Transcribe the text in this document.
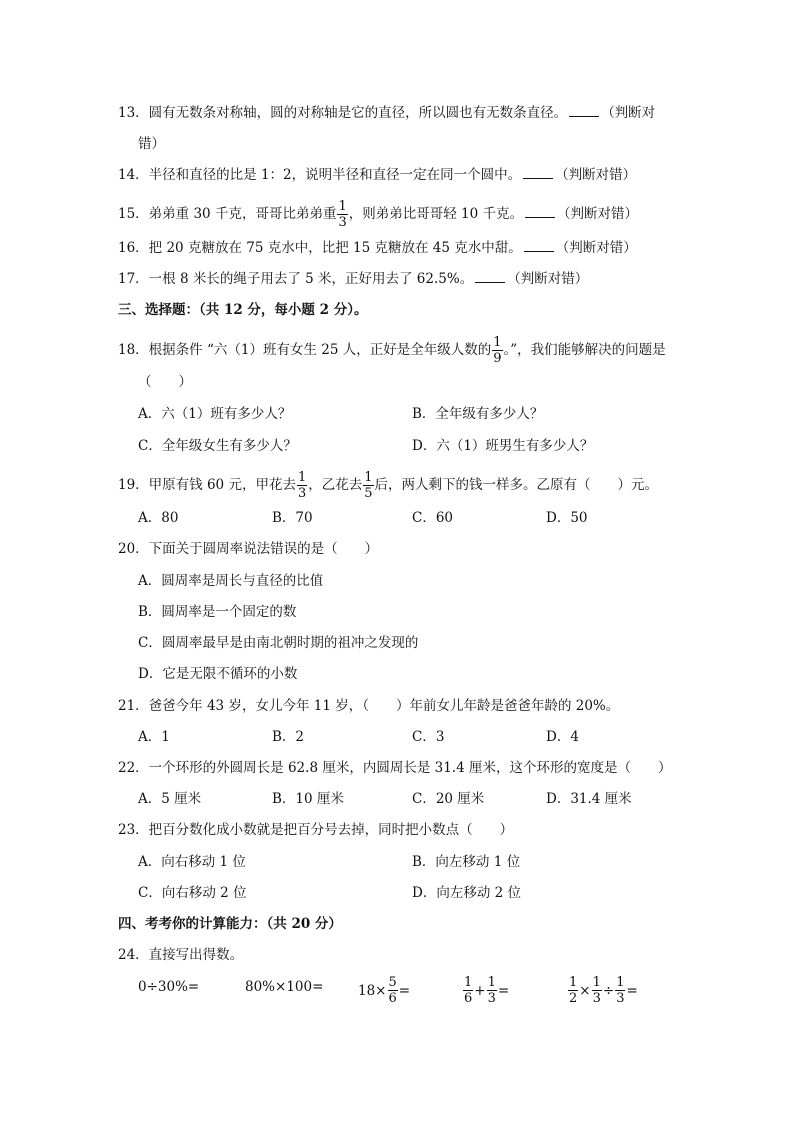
13．圆有无数条对称轴，圆的对称轴是它的直径，所以圆也有无数条直径。	（判断对
错）
14．半径和直径的比是 1：2，说明半径和直径一定在同一个圆中。	（判断对错）
15．弟弟重 30 千克，哥哥比弟弟重 $\frac{1}{3}$ ，则弟弟比哥哥轻 10 千克。	（判断对错）
16．把 20 克糖放在 75 克水中，比把 15 克糖放在 45 克水中甜。	（判断对错）
17．一根 8 米长的绳子用去了 5 米，正好用去了 62.5%。	（判断对错）
三、选择题：（共 12 分，每小题 2 分）。
18．根据条件 “六（1）班有女生 25 人，正好是全年级人数的 $\frac{1}{9}$ 。”，我们能够解决的问题是
（　　）
A．六（1）班有多少人？	B．全年级有多少人？
C．全年级女生有多少人？	D．六（1）班男生有多少人？
19．甲原有钱 60 元，甲花去 $\frac{1}{3}$ ，乙花去 $\frac{1}{5}$ 后，两人剩下的钱一样多。乙原有（　　）元。
A．80	B．70	C．60	D．50
20．下面关于圆周率说法错误的是（　　）
A．圆周率是周长与直径的比值
B．圆周率是一个固定的数
C．圆周率最早是由南北朝时期的祖冲之发现的
D．它是无限不循环的小数
21．爸爸今年 43 岁，女儿今年 11 岁，（　　）年前女儿年龄是爸爸年龄的 20%。
A．1	B．2	C．3	D．4
22．一个环形的外圆周长是 62.8 厘米，内圆周长是 31.4 厘米，这个环形的宽度是（　　）
A．5 厘米	B．10 厘米	C．20 厘米	D．31.4 厘米
23．把百分数化成小数就是把百分号去掉，同时把小数点（　　）
A．向右移动 1 位	B．向左移动 1 位
C．向右移动 2 位	D．向左移动 2 位
四、考考你的计算能力：（共 20 分）
24．直接写出得数。
0÷30%=	80%×100=	$18\times \frac{5}{6}$ =	$\frac{1}{6} + \frac{1}{3}$ =	$\frac{1}{2} \times \frac{1}{3} \div \frac{1}{3}$ =
